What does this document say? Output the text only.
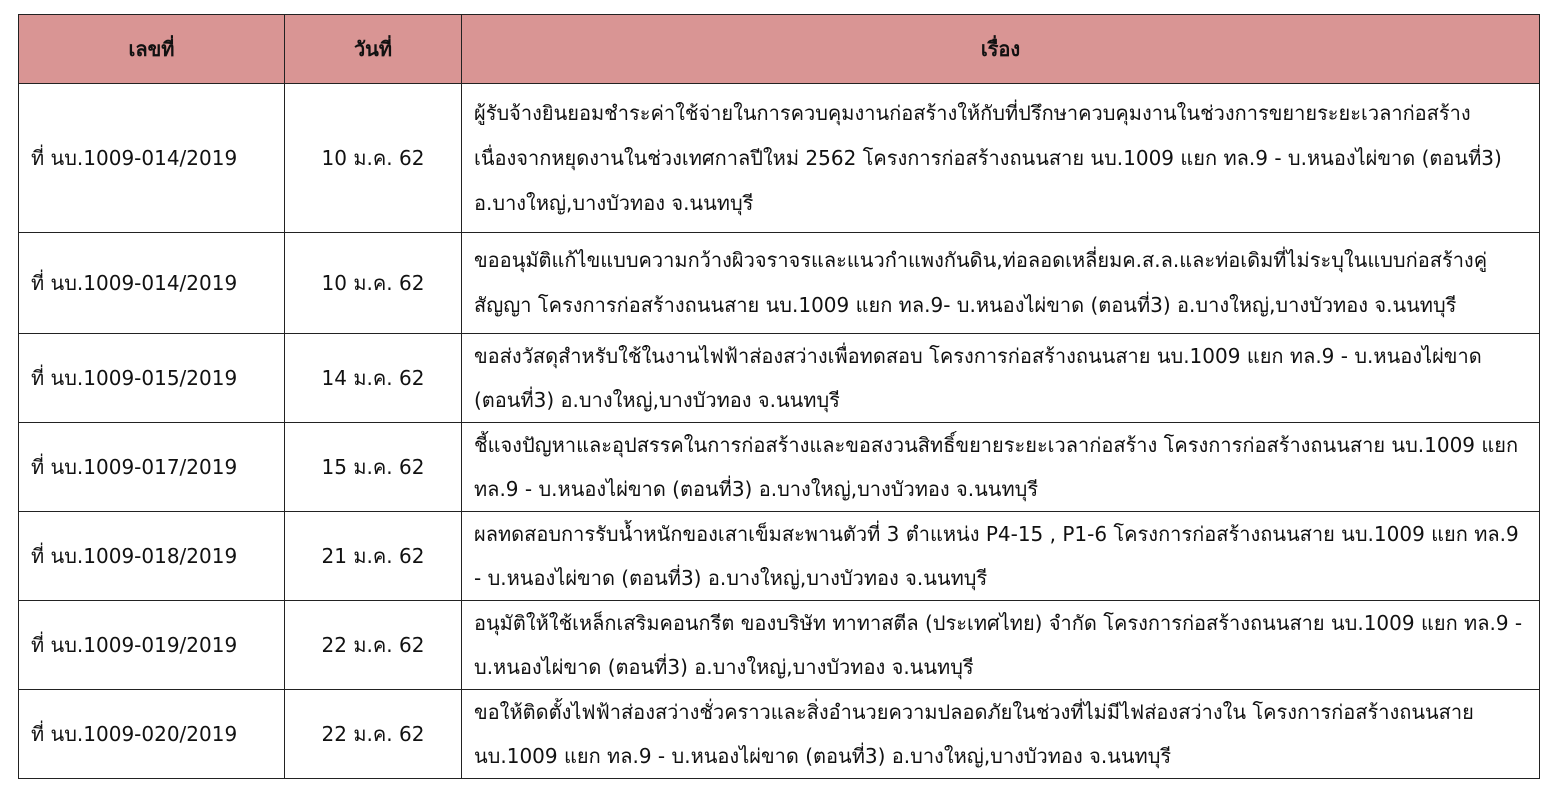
เลขที่	วันที่	เรื่อง
ที่ นบ.1009-014/2019	10 ม.ค. 62	ผู้รับจ้างยินยอมชำระค่าใช้จ่ายในการควบคุมงานก่อสร้างให้กับที่ปรึกษาควบคุมงานในช่วงการขยายระยะเวลาก่อสร้าง เนื่องจากหยุดงานในช่วงเทศกาลปีใหม่ 2562 โครงการก่อสร้างถนนสาย นบ.1009 แยก ทล.9 - บ.หนองไผ่ขาด (ตอนที่3) อ.บางใหญ่,บางบัวทอง จ.นนทบุรี
ที่ นบ.1009-014/2019	10 ม.ค. 62	ขออนุมัติแก้ไขแบบความกว้างผิวจราจรและแนวกำแพงกันดิน,ท่อลอดเหลี่ยมค.ส.ล.และท่อเดิมที่ไม่ระบุในแบบก่อสร้างคู่สัญญา โครงการก่อสร้างถนนสาย นบ.1009 แยก ทล.9- บ.หนองไผ่ขาด (ตอนที่3) อ.บางใหญ่,บางบัวทอง จ.นนทบุรี
ที่ นบ.1009-015/2019	14 ม.ค. 62	ขอส่งวัสดุสำหรับใช้ในงานไฟฟ้าส่องสว่างเพื่อทดสอบ โครงการก่อสร้างถนนสาย นบ.1009 แยก ทล.9 - บ.หนองไผ่ขาด (ตอนที่3) อ.บางใหญ่,บางบัวทอง จ.นนทบุรี
ที่ นบ.1009-017/2019	15 ม.ค. 62	ชี้แจงปัญหาและอุปสรรคในการก่อสร้างและขอสงวนสิทธิ์ขยายระยะเวลาก่อสร้าง โครงการก่อสร้างถนนสาย นบ.1009 แยก ทล.9 - บ.หนองไผ่ขาด (ตอนที่3) อ.บางใหญ่,บางบัวทอง จ.นนทบุรี
ที่ นบ.1009-018/2019	21 ม.ค. 62	ผลทดสอบการรับน้ำหนักของเสาเข็มสะพานตัวที่ 3 ตำแหน่ง P4-15 , P1-6 โครงการก่อสร้างถนนสาย นบ.1009 แยก ทล.9 - บ.หนองไผ่ขาด (ตอนที่3) อ.บางใหญ่,บางบัวทอง จ.นนทบุรี
ที่ นบ.1009-019/2019	22 ม.ค. 62	อนุมัติให้ใช้เหล็กเสริมคอนกรีต ของบริษัท ทาทาสตีล (ประเทศไทย) จำกัด โครงการก่อสร้างถนนสาย นบ.1009 แยก ทล.9 - บ.หนองไผ่ขาด (ตอนที่3) อ.บางใหญ่,บางบัวทอง จ.นนทบุรี
ที่ นบ.1009-020/2019	22 ม.ค. 62	ขอให้ติดตั้งไฟฟ้าส่องสว่างชั่วคราวและสิ่งอำนวยความปลอดภัยในช่วงที่ไม่มีไฟส่องสว่างใน โครงการก่อสร้างถนนสาย นบ.1009 แยก ทล.9 - บ.หนองไผ่ขาด (ตอนที่3) อ.บางใหญ่,บางบัวทอง จ.นนทบุรี
